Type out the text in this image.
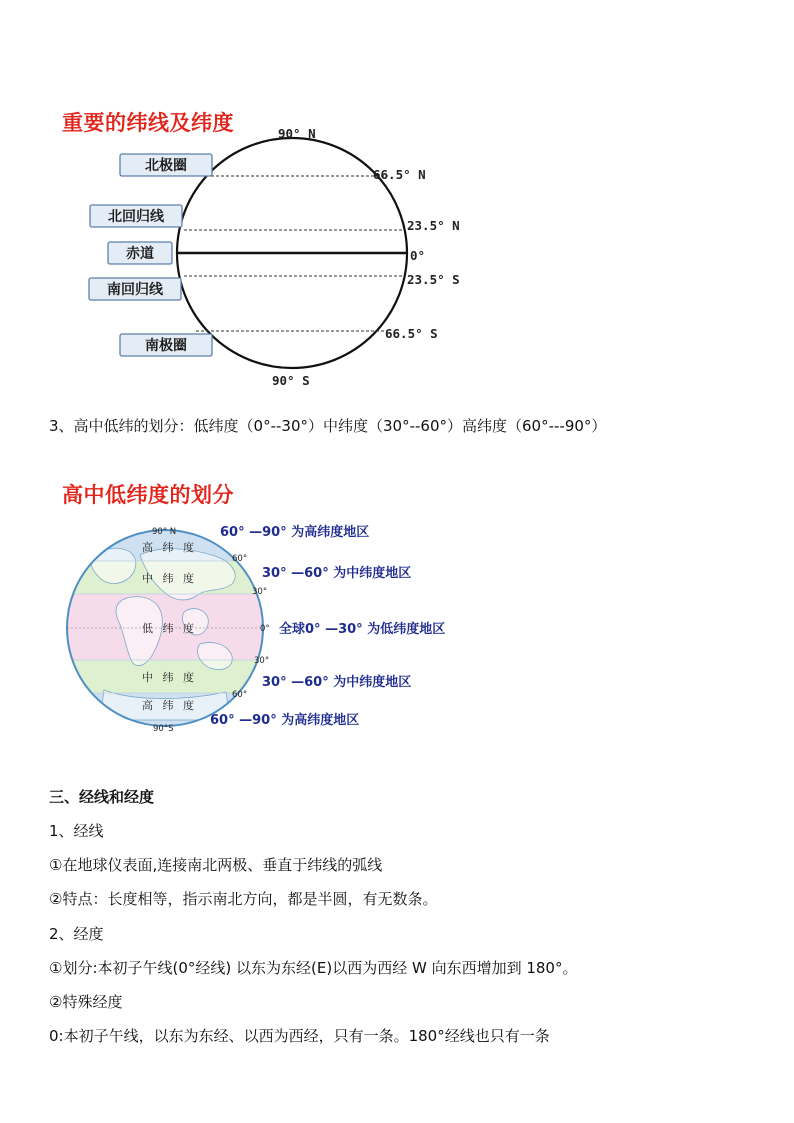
重要的纬线及纬度	90° N
90° S
66.5° N
23.5° N
0°
23.5° S
66.5° S
北极圈
北回归线
赤道
南回归线
南极圈
3、高中低纬的划分：低纬度（0°--30°）中纬度（30°--60°）高纬度（60°---90°）
高中低纬度的划分
高 纬 度
中 纬 度
低 纬 度
中 纬 度
高 纬 度
90° N
90°S
60°
30°
0°
30°
60°
60° —90° 为高纬度地区
30° —60° 为中纬度地区
全球0° —30° 为低纬度地区
30° —60° 为中纬度地区
60° —90° 为高纬度地区
三、经线和经度
1、经线
①在地球仪表面,连接南北两极、垂直于纬线的弧线
②特点：长度相等，指示南北方向，都是半圆，有无数条。
2、经度
①划分:本初子午线(0°经线) 以东为东经(E)以西为西经 W 向东西增加到 180°。
②特殊经度
0:本初子午线，以东为东经、以西为西经，只有一条。180°经线也只有一条
